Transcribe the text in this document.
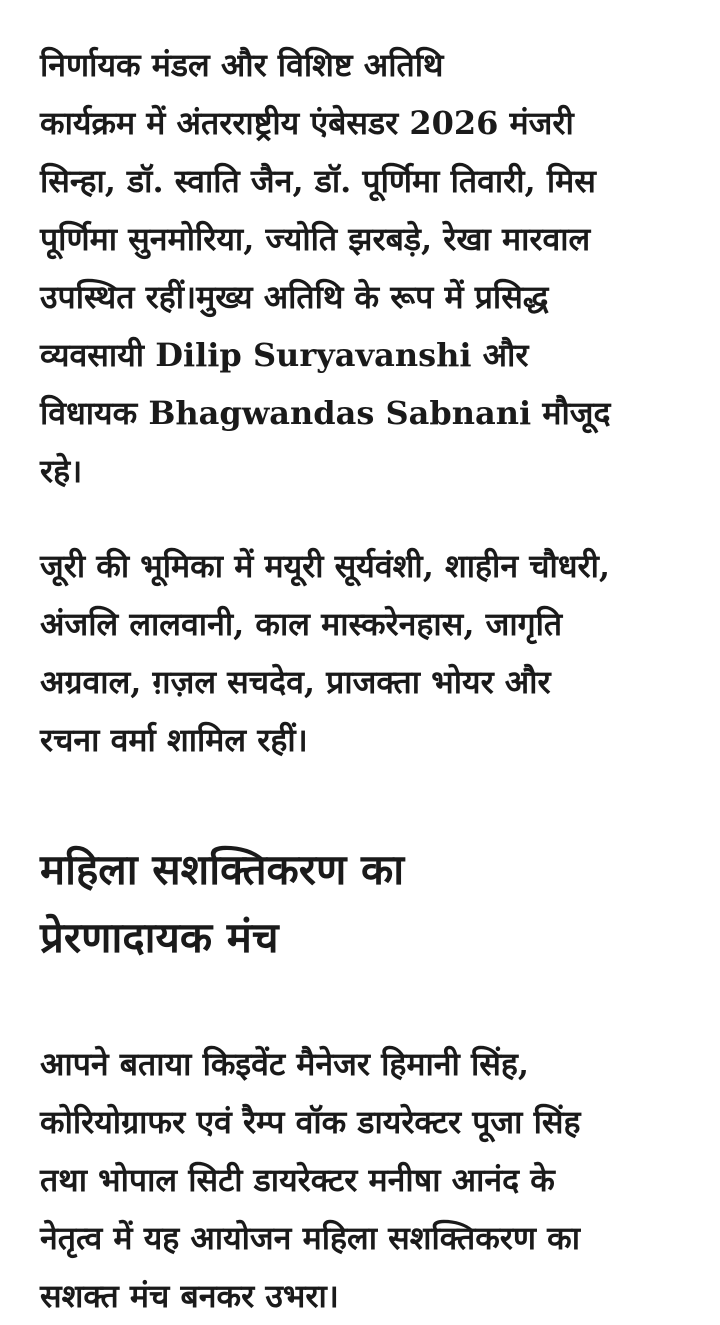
निर्णायक मंडल और विशिष्ट अतिथि
कार्यक्रम में अंतरराष्ट्रीय एंबेसडर 2026 मंजरी
सिन्हा, डॉ. स्वाति जैन, डॉ. पूर्णिमा तिवारी, मिस
पूर्णिमा सुनमोरिया, ज्योति झरबड़े, रेखा मारवाल
उपस्थित रहीं।मुख्य अतिथि के रूप में प्रसिद्ध
व्यवसायी Dilip Suryavanshi और
विधायक Bhagwandas Sabnani मौजूद
रहे।

जूरी की भूमिका में मयूरी सूर्यवंशी, शाहीन चौधरी,
अंजलि लालवानी, काल मास्करेनहास, जागृति
अग्रवाल, ग़ज़ल सचदेव, प्राजक्ता भोयर और
रचना वर्मा शामिल रहीं।

महिला सशक्तिकरण का
प्रेरणादायक मंच

आपने बताया किइवेंट मैनेजर हिमानी सिंह,
कोरियोग्राफर एवं रैम्प वॉक डायरेक्टर पूजा सिंह
तथा भोपाल सिटी डायरेक्टर मनीषा आनंद के
नेतृत्व में यह आयोजन महिला सशक्तिकरण का
सशक्त मंच बनकर उभरा।
